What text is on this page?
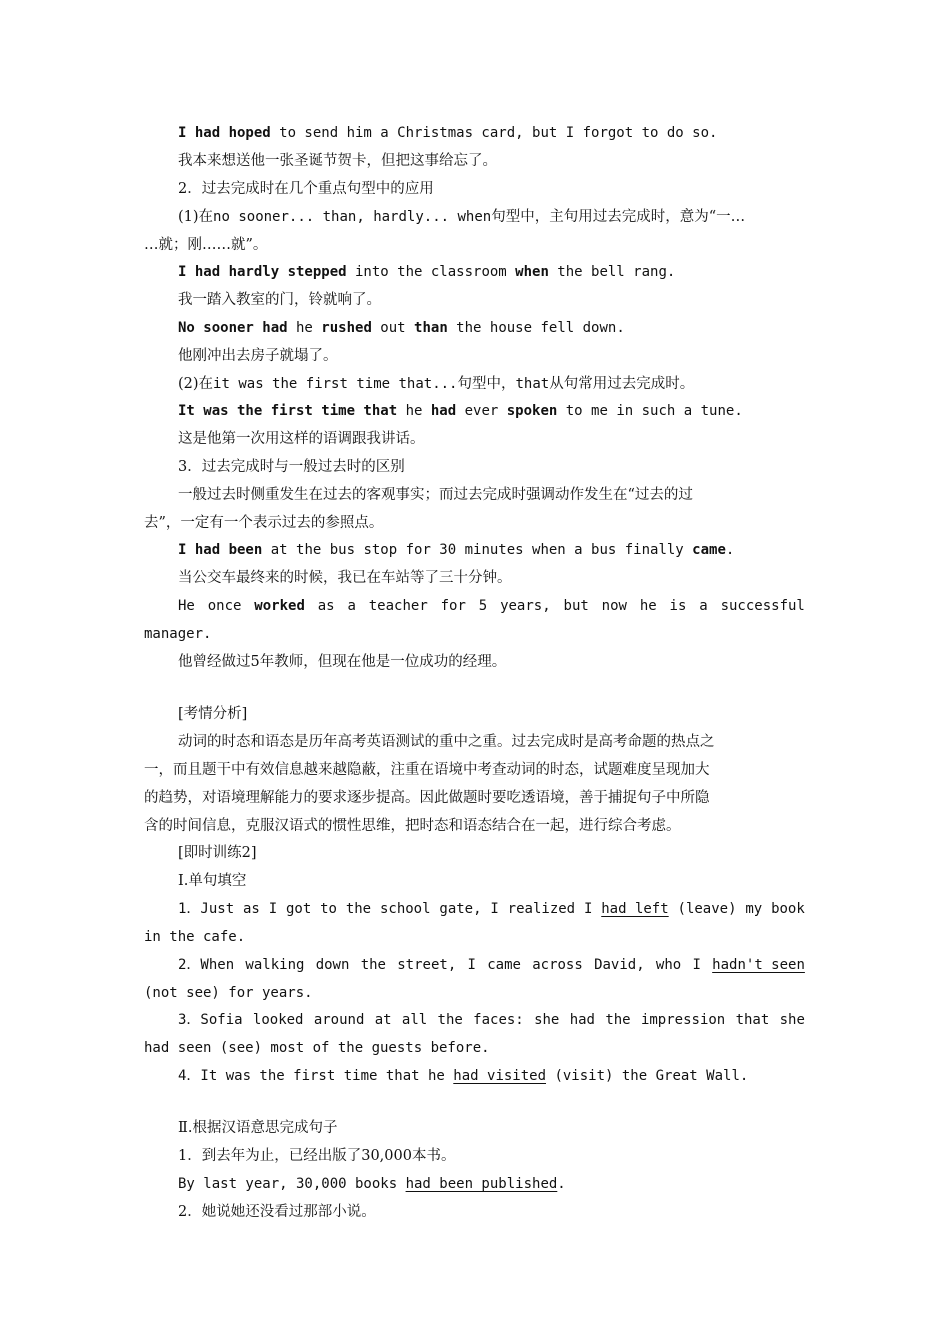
I had hoped to send him a Christmas card, but I forgot to do so.
我本来想送他一张圣诞节贺卡，但把这事给忘了。
2．过去完成时在几个重点句型中的应用
(1)在no sooner... than, hardly... when句型中，主句用过去完成时，意为“一…
…就；刚……就”。
I had hardly stepped into the classroom when the bell rang.
我一踏入教室的门，铃就响了。
No sooner had he rushed out than the house fell down.
他刚冲出去房子就塌了。
(2)在it was the first time that...句型中，that从句常用过去完成时。
It was the first time that he had ever spoken to me in such a tune.
这是他第一次用这样的语调跟我讲话。
3．过去完成时与一般过去时的区别
一般过去时侧重发生在过去的客观事实；而过去完成时强调动作发生在“过去的过
去”，一定有一个表示过去的参照点。
I had been at the bus stop for 30 minutes when a bus finally came.
当公交车最终来的时候，我已在车站等了三十分钟。
He once worked as a teacher for 5 years, but now he is a successful
manager.
他曾经做过5年教师，但现在他是一位成功的经理。
[考情分析]
动词的时态和语态是历年高考英语测试的重中之重。过去完成时是高考命题的热点之
一，而且题干中有效信息越来越隐蔽，注重在语境中考查动词的时态，试题难度呈现加大
的趋势，对语境理解能力的要求逐步提高。因此做题时要吃透语境，善于捕捉句子中所隐
含的时间信息，克服汉语式的惯性思维，把时态和语态结合在一起，进行综合考虑。
[即时训练2]
Ⅰ.单句填空
1．Just as I got to the school gate, I realized I had left (leave) my book
in the cafe.
2．When walking down the street, I came across David, who I hadn't seen
(not see) for years.
3．Sofia looked around at all the faces: she had the impression that she
had seen (see) most of the guests before.
4．It was the first time that he had visited (visit) the Great Wall.
Ⅱ.根据汉语意思完成句子
1．到去年为止，已经出版了30,000本书。
By last year, 30,000 books had been published.
2．她说她还没看过那部小说。
